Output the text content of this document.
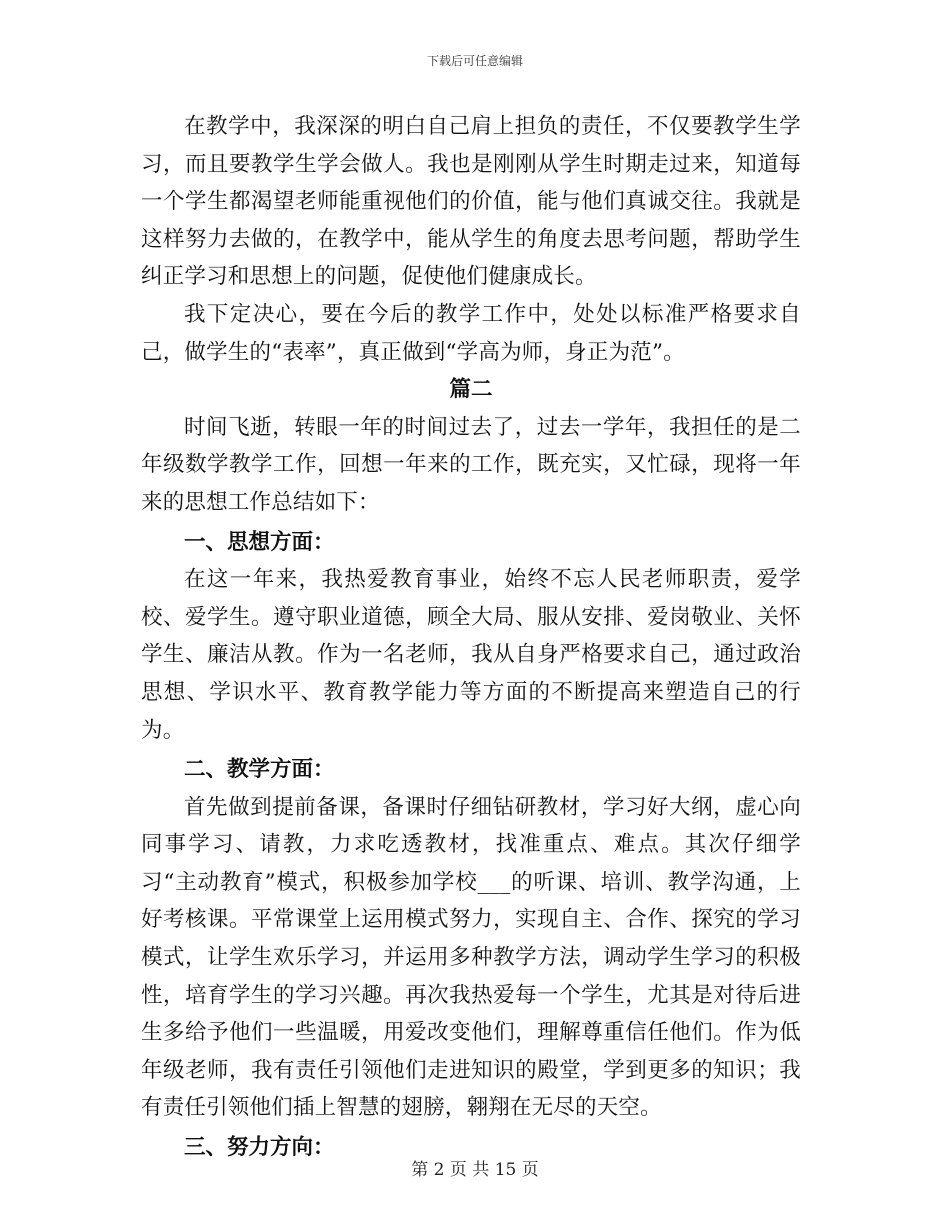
下载后可任意编辑

在教学中，我深深的明白自己肩上担负的责任，不仅要教学生学习，而且要教学生学会做人。我也是刚刚从学生时期走过来，知道每一个学生都渴望老师能重视他们的价值，能与他们真诚交往。我就是这样努力去做的，在教学中，能从学生的角度去思考问题，帮助学生纠正学习和思想上的问题，促使他们健康成长。

我下定决心，要在今后的教学工作中，处处以标准严格要求自己，做学生的“表率”，真正做到“学高为师，身正为范”。

篇二

时间飞逝，转眼一年的时间过去了，过去一学年，我担任的是二年级数学教学工作，回想一年来的工作，既充实，又忙碌，现将一年来的思想工作总结如下：

一、思想方面：

在这一年来，我热爱教育事业，始终不忘人民老师职责，爱学校、爱学生。遵守职业道德，顾全大局、服从安排、爱岗敬业、关怀学生、廉洁从教。作为一名老师，我从自身严格要求自己，通过政治思想、学识水平、教育教学能力等方面的不断提高来塑造自己的行为。

二、教学方面：

首先做到提前备课，备课时仔细钻研教材，学习好大纲，虚心向同事学习、请教，力求吃透教材，找准重点、难点。其次仔细学习“主动教育”模式，积极参加学校___的听课、培训、教学沟通，上好考核课。平常课堂上运用模式努力，实现自主、合作、探究的学习模式，让学生欢乐学习，并运用多种教学方法，调动学生学习的积极性，培育学生的学习兴趣。再次我热爱每一个学生，尤其是对待后进生多给予他们一些温暖，用爱改变他们，理解尊重信任他们。作为低年级老师，我有责任引领他们走进知识的殿堂，学到更多的知识；我有责任引领他们插上智慧的翅膀，翱翔在无尽的天空。

三、努力方向：

第 2 页 共 15 页
